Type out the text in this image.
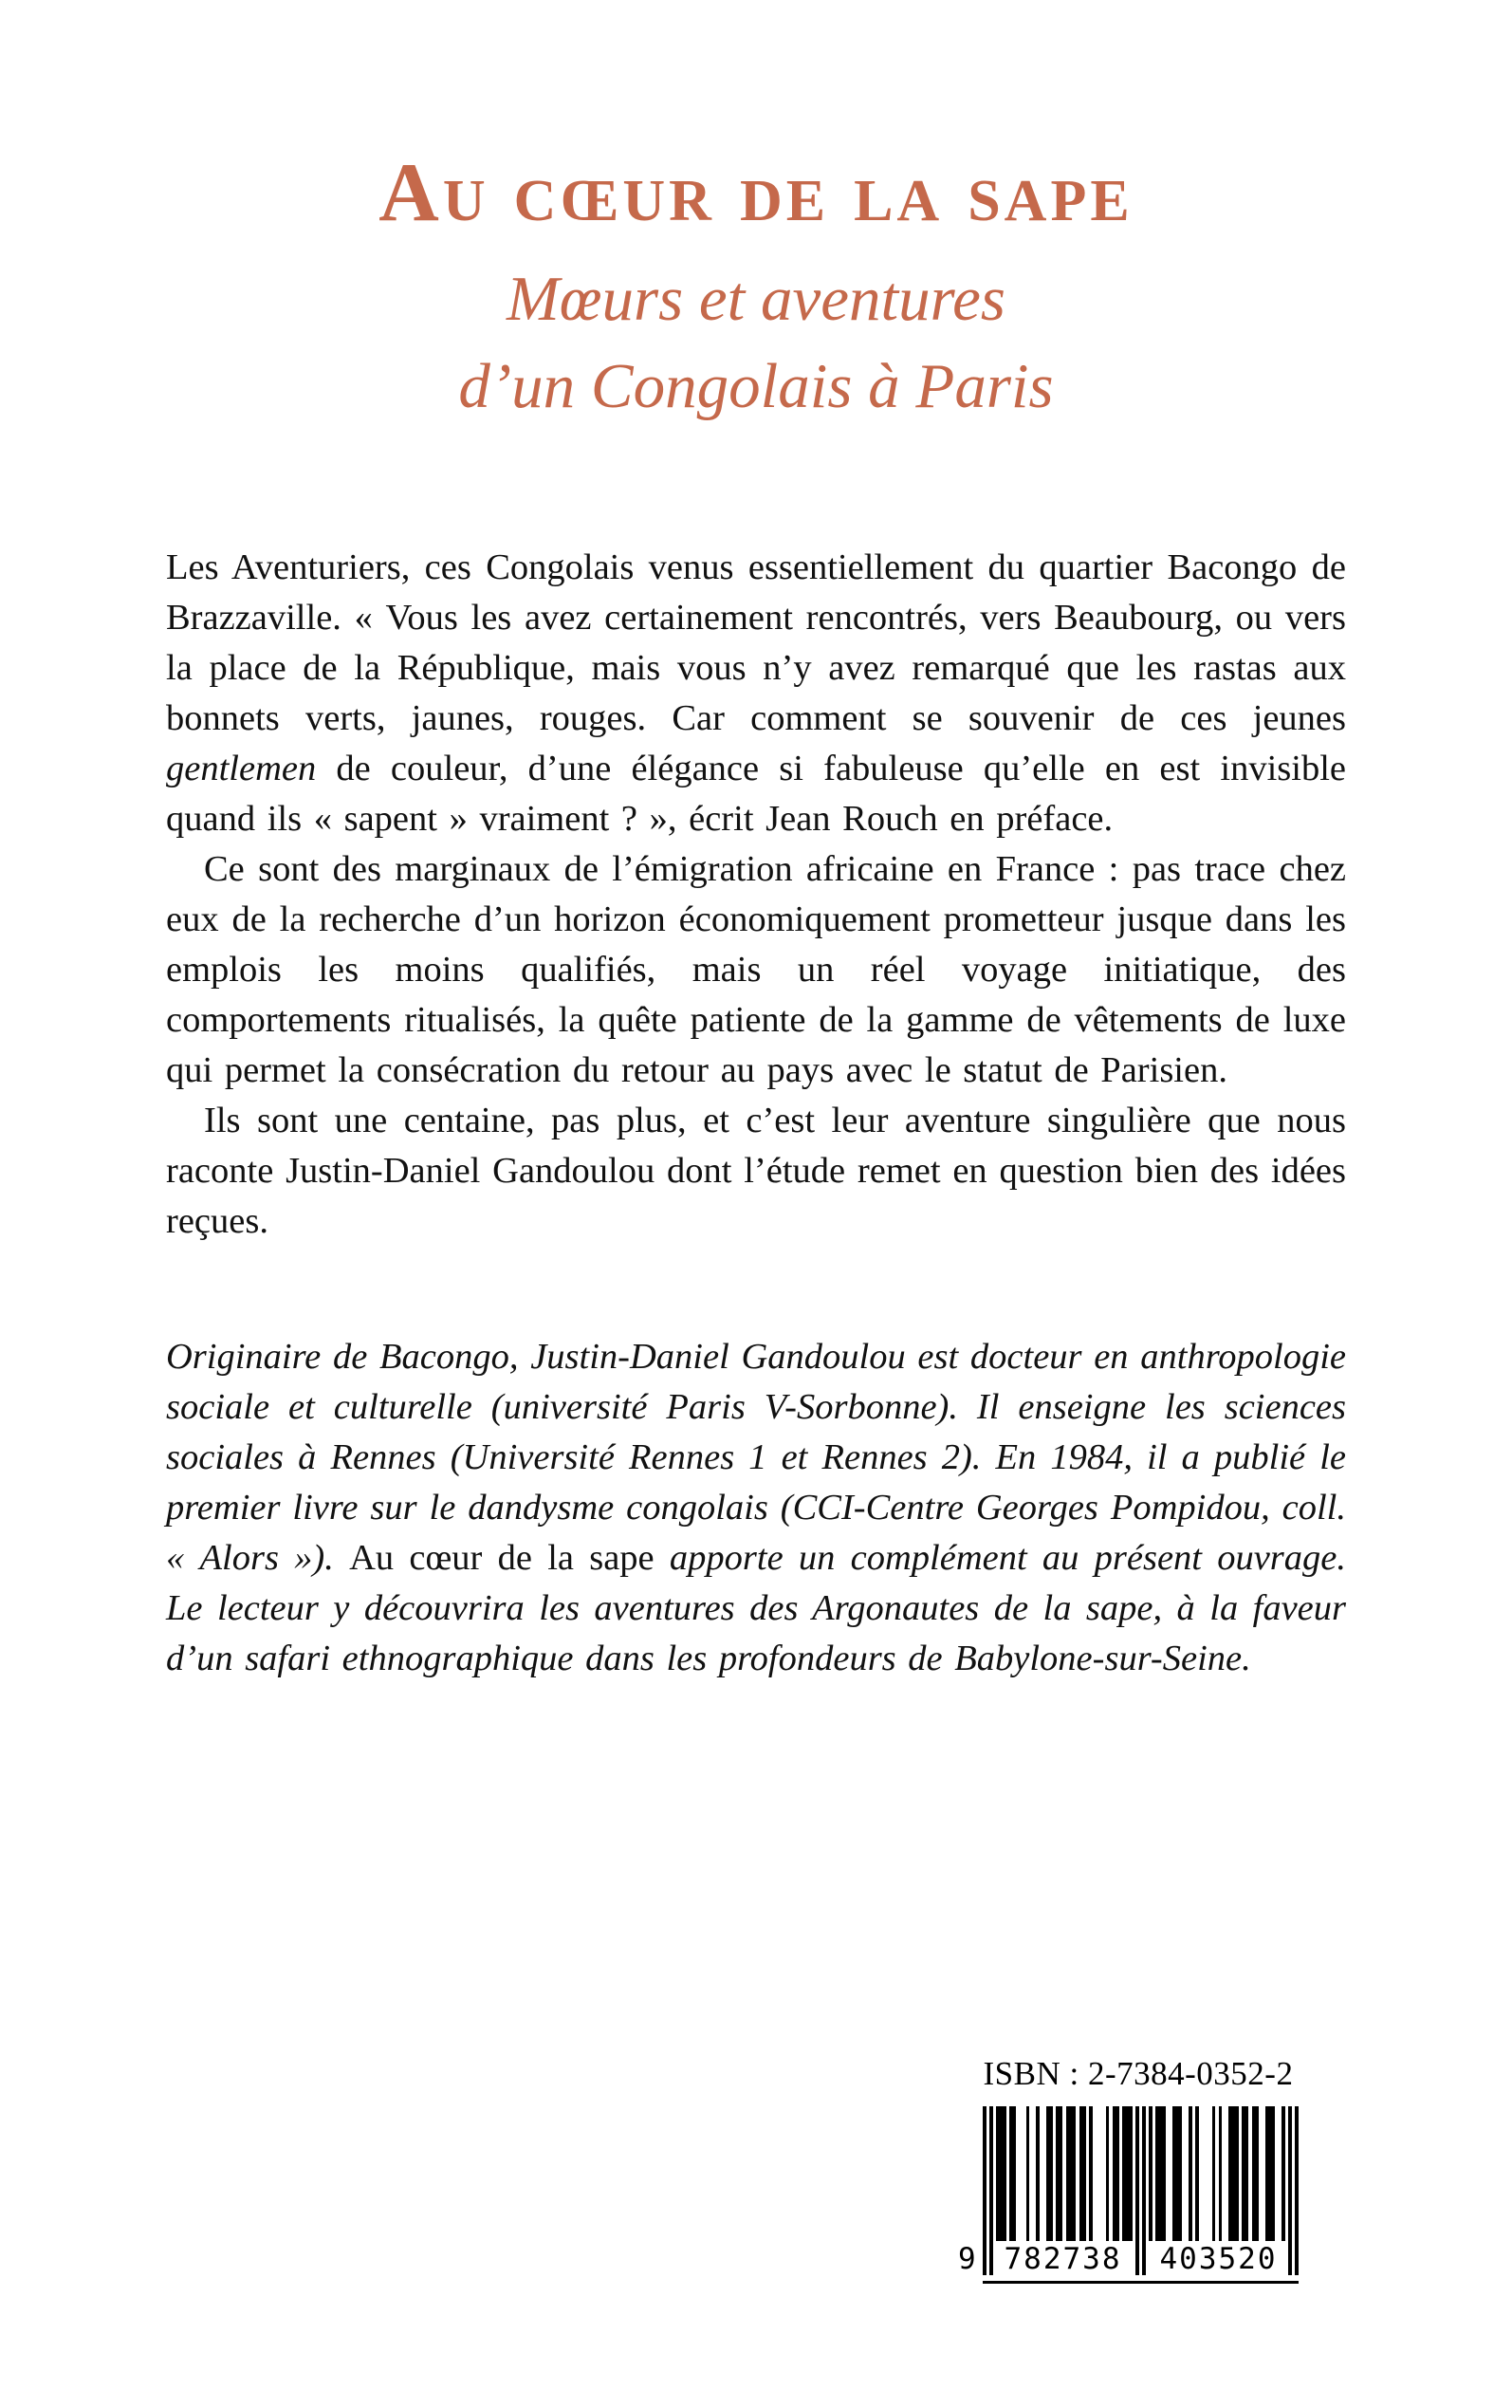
Au cœur de la sape
Mœurs et aventures
d’un Congolais à Paris

Les Aventuriers, ces Congolais venus essentiellement du quartier Bacongo de Brazzaville. « Vous les avez certainement rencontrés, vers Beaubourg, ou vers la place de la République, mais vous n’y avez remarqué que les rastas aux bonnets verts, jaunes, rouges. Car comment se souvenir de ces jeunes gentlemen de couleur, d’une élégance si fabuleuse qu’elle en est invisible quand ils « sapent » vraiment ? », écrit Jean Rouch en préface.

Ce sont des marginaux de l’émigration africaine en France : pas trace chez eux de la recherche d’un horizon économiquement prometteur jusque dans les emplois les moins qualifiés, mais un réel voyage initiatique, des comportements ritualisés, la quête patiente de la gamme de vêtements de luxe qui permet la consécration du retour au pays avec le statut de Parisien.

Ils sont une centaine, pas plus, et c’est leur aventure singulière que nous raconte Justin-Daniel Gandoulou dont l’étude remet en question bien des idées reçues.

Originaire de Bacongo, Justin-Daniel Gandoulou est docteur en anthropologie sociale et culturelle (université Paris V-Sorbonne). Il enseigne les sciences sociales à Rennes (Université Rennes 1 et Rennes 2). En 1984, il a publié le premier livre sur le dandysme congolais (CCI-Centre Georges Pompidou, coll. « Alors »). Au cœur de la sape apporte un complément au présent ouvrage. Le lecteur y découvrira les aventures des Argonautes de la sape, à la faveur d’un safari ethnographique dans les profondeurs de Babylone-sur-Seine.

ISBN : 2-7384-0352-2
9 782738	403520
